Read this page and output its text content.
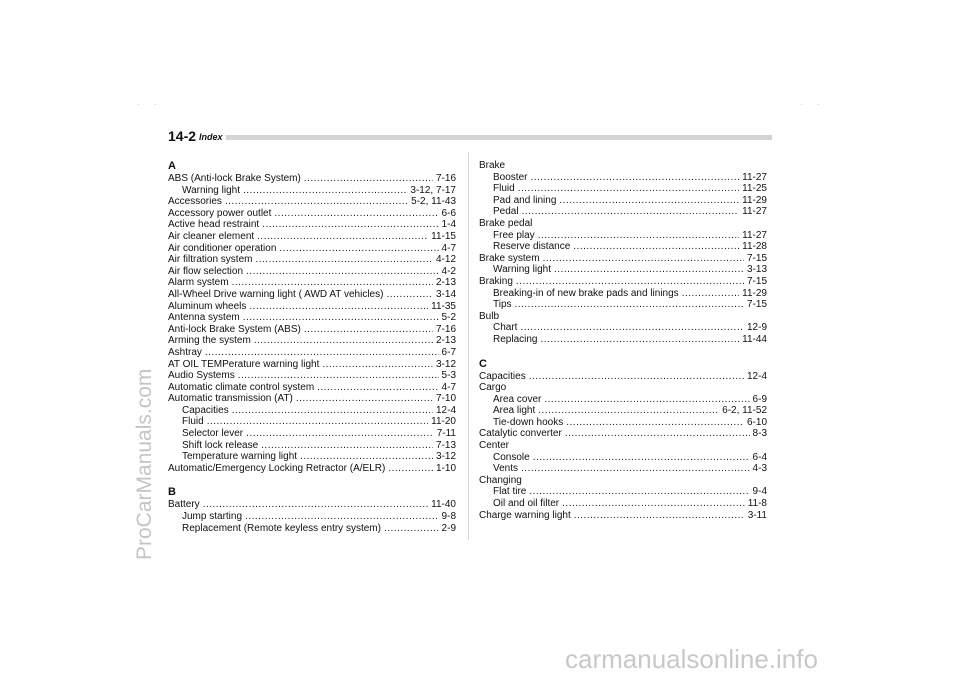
· ·	· ·
14-2 Index
A
ABS (Anti-lock Brake System) .....	7-16
Warning light .....	3-12, 7-17
Accessories .....	5-2, 11-43
Accessory power outlet .....	6-6
Active head restraint .....	1-4
Air cleaner element .....	11-15
Air conditioner operation .....	4-7
Air filtration system .....	4-12
Air flow selection .....	4-2
Alarm system .....	2-13
All-Wheel Drive warning light ( AWD AT vehicles) .....	3-14
Aluminum wheels .....	11-35
Antenna system .....	5-2
Anti-lock Brake System (ABS) .....	7-16
Arming the system .....	2-13
Ashtray .....	6-7
AT OIL TEMPerature warning light .....	3-12
Audio Systems .....	5-3
Automatic climate control system .....	4-7
Automatic transmission (AT) .....	7-10
Capacities .....	12-4
Fluid .....	11-20
Selector lever .....	7-11
Shift lock release .....	7-13
Temperature warning light .....	3-12
Automatic/Emergency Locking Retractor (A/ELR) .....	1-10
B
Battery .....	11-40
Jump starting .....	9-8
Replacement (Remote keyless entry system) .....	2-9
Brake
Booster .....	11-27
Fluid .....	11-25
Pad and lining .....	11-29
Pedal .....	11-27
Brake pedal
Free play .....	11-27
Reserve distance .....	11-28
Brake system .....	7-15
Warning light .....	3-13
Braking .....	7-15
Breaking-in of new brake pads and linings .....	11-29
Tips .....	7-15
Bulb
Chart .....	12-9
Replacing .....	11-44
C
Capacities .....	12-4
Cargo
Area cover .....	6-9
Area light .....	6-2, 11-52
Tie-down hooks .....	6-10
Catalytic converter .....	8-3
Center
Console .....	6-4
Vents .....	4-3
Changing
Flat tire .....	9-4
Oil and oil filter .....	11-8
Charge warning light .....	3-11
ProCarManuals.com
carmanualsonline.info
